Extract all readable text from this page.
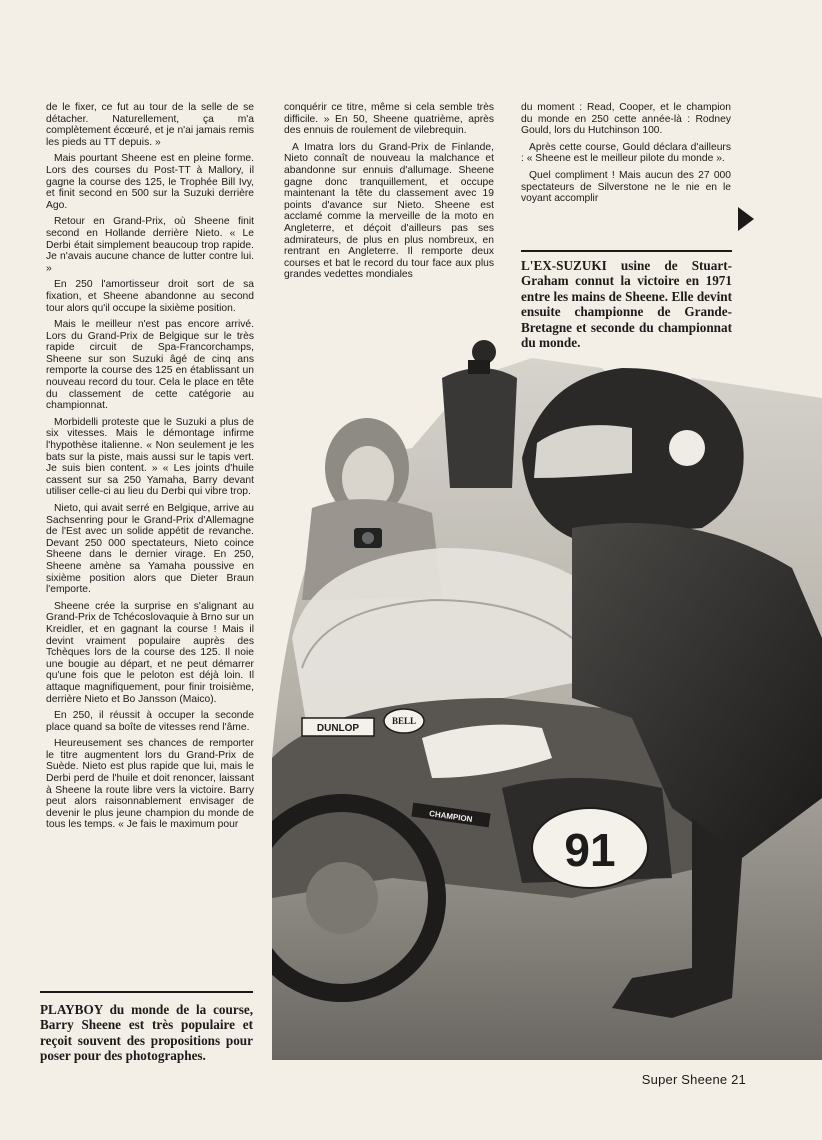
de le fixer, ce fut au tour de la selle de se détacher. Naturellement, ça m'a complètement écœuré, et je n'ai jamais remis les pieds au TT depuis. »

Mais pourtant Sheene est en pleine forme. Lors des courses du Post-TT à Mallory, il gagne la course des 125, le Trophée Bill Ivy, et finit second en 500 sur la Suzuki derrière Ago.

Retour en Grand-Prix, où Sheene finit second en Hollande derrière Nieto. « Le Derbi était simplement beaucoup trop rapide. Je n'avais aucune chance de lutter contre lui. »

En 250 l'amortisseur droit sort de sa fixation, et Sheene abandonne au second tour alors qu'il occupe la sixième position.

Mais le meilleur n'est pas encore arrivé. Lors du Grand-Prix de Belgique sur le très rapide circuit de Spa-Francorchamps, Sheene sur son Suzuki âgé de cinq ans remporte la course des 125 en établissant un nouveau record du tour. Cela le place en tête du classement de cette catégorie au championnat.

Morbidelli proteste que le Suzuki a plus de six vitesses. Mais le démontage infirme l'hypothèse italienne. « Non seulement je les bats sur la piste, mais aussi sur le tapis vert. Je suis bien content. » « Les joints d'huile cassent sur sa 250 Yamaha, Barry devant utiliser celle-ci au lieu du Derbi qui vibre trop.

Nieto, qui avait serré en Belgique, arrive au Sachsenring pour le Grand-Prix d'Allemagne de l'Est avec un solide appétit de revanche. Devant 250 000 spectateurs, Nieto coince Sheene dans le dernier virage. En 250, Sheene amène sa Yamaha poussive en sixième position alors que Dieter Braun l'emporte.

Sheene crée la surprise en s'alignant au Grand-Prix de Tchécoslovaquie à Brno sur un Kreidler, et en gagnant la course ! Mais il devint vraiment populaire auprès des Tchèques lors de la course des 125. Il noie une bougie au départ, et ne peut démarrer qu'une fois que le peloton est déjà loin. Il attaque magnifiquement, pour finir troisième, derrière Nieto et Bo Jansson (Maico).

En 250, il réussit à occuper la seconde place quand sa boîte de vitesses rend l'âme.

Heureusement ses chances de remporter le titre augmentent lors du Grand-Prix de Suède. Nieto est plus rapide que lui, mais le Derbi perd de l'huile et doit renoncer, laissant à Sheene la route libre vers la victoire. Barry peut alors raisonnablement envisager de devenir le plus jeune champion du monde de tous les temps. « Je fais le maximum pour

conquérir ce titre, même si cela semble très difficile. » En 50, Sheene quatrième, après des ennuis de roulement de vilebrequin.

A Imatra lors du Grand-Prix de Finlande, Nieto connaît de nouveau la malchance et abandonne sur ennuis d'allumage. Sheene gagne donc tranquillement, et occupe maintenant la tête du classement avec 19 points d'avance sur Nieto. Sheene est acclamé comme la merveille de la moto en Angleterre, et déçoit d'ailleurs pas ses admirateurs, de plus en plus nombreux, en rentrant en Angleterre. Il remporte deux courses et bat le record du tour face aux plus grandes vedettes mondiales

du moment : Read, Cooper, et le champion du monde en 250 cette année-là : Rodney Gould, lors du Hutchinson 100.

Après cette course, Gould déclara d'ailleurs : « Sheene est le meilleur pilote du monde ».

Quel compliment ! Mais aucun des 27 000 spectateurs de Silverstone ne le nie en le voyant accomplir

L'EX-SUZUKI usine de Stuart-Graham connut la victoire en 1971 entre les mains de Sheene. Elle devint ensuite championne de Grande-Bretagne et seconde du championnat du monde.
PLAYBOY du monde de la course, Barry Sheene est très populaire et reçoit souvent des propositions pour poser pour des photographes.
DUNLOP
BELL
91
CHAMPION
Super Sheene 21
